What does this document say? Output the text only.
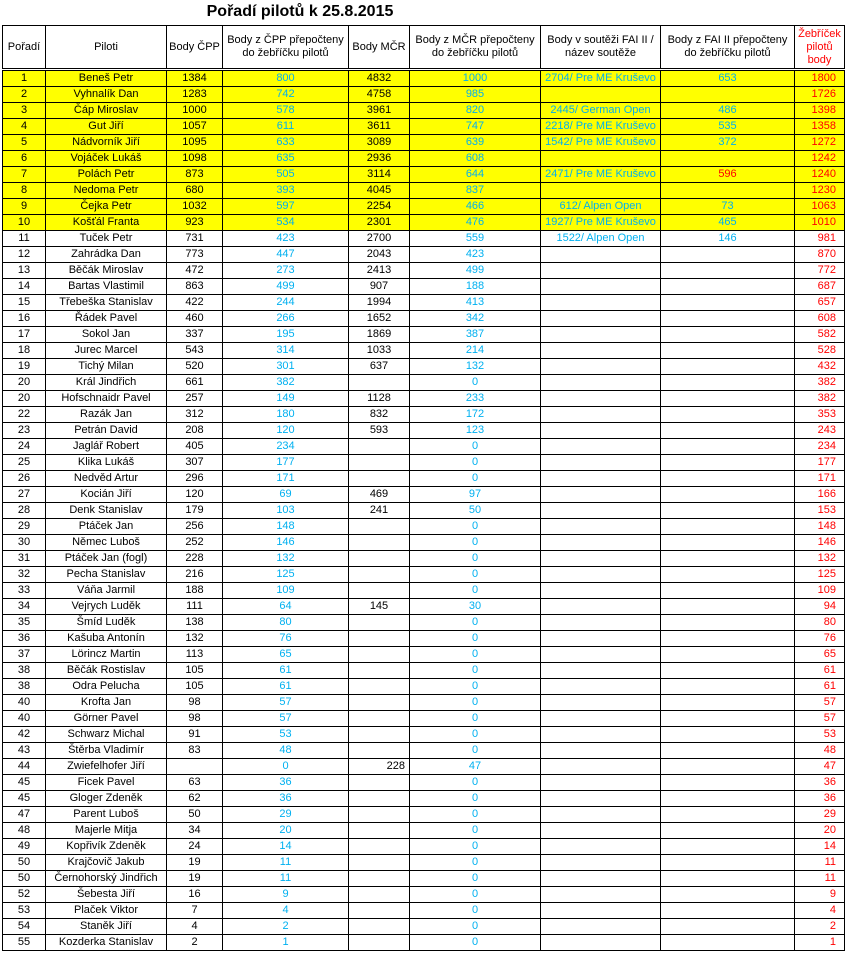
Pořadí pilotů k 25.8.2015
Pořadí	Piloti	Body ČPP	Body z ČPP přepočteny do žebříčku pilotů	Body MČR	Body z MČR přepočteny do žebříčku pilotů	Body v soutěži FAI II / název soutěže	Body z FAI II přepočteny do žebříčku pilotů	Žebříček pilotů body

1	Beneš Petr	1384	800	4832	1000	2704/ Pre ME Kruševo	653	1800
2	Vyhnalík Dan	1283	742	4758	985			1726
3	Čáp Miroslav	1000	578	3961	820	2445/ German Open	486	1398
4	Gut Jiří	1057	611	3611	747	2218/ Pre ME Kruševo	535	1358
5	Nádvorník Jiří	1095	633	3089	639	1542/ Pre ME Kruševo	372	1272
6	Vojáček Lukáš	1098	635	2936	608			1242
7	Polách Petr	873	505	3114	644	2471/ Pre ME Kruševo	596	1240
8	Nedoma Petr	680	393	4045	837			1230
9	Čejka Petr	1032	597	2254	466	612/ Alpen Open	73	1063
10	Košťál Franta	923	534	2301	476	1927/ Pre ME Kruševo	465	1010
11	Tuček Petr	731	423	2700	559	1522/ Alpen Open	146	981
12	Zahrádka Dan	773	447	2043	423			870
13	Běčák Miroslav	472	273	2413	499			772
14	Bartas Vlastimil	863	499	907	188			687
15	Třebeška Stanislav	422	244	1994	413			657
16	Řádek Pavel	460	266	1652	342			608
17	Sokol Jan	337	195	1869	387			582
18	Jurec Marcel	543	314	1033	214			528
19	Tichý Milan	520	301	637	132			432
20	Král Jindřich	661	382		0			382
20	Hofschnaidr Pavel	257	149	1128	233			382
22	Razák Jan	312	180	832	172			353
23	Petrán David	208	120	593	123			243
24	Jaglář Robert	405	234		0			234
25	Klika Lukáš	307	177		0			177
26	Nedvěd Artur	296	171		0			171
27	Kocián Jiří	120	69	469	97			166
28	Denk Stanislav	179	103	241	50			153
29	Ptáček Jan	256	148		0			148
30	Němec Luboš	252	146		0			146
31	Ptáček Jan (fogl)	228	132		0			132
32	Pecha Stanislav	216	125		0			125
33	Váňa Jarmil	188	109		0			109
34	Vejrych Luděk	111	64	145	30			94
35	Šmíd Luděk	138	80		0			80
36	Kašuba Antonín	132	76		0			76
37	Lörincz Martin	113	65		0			65
38	Běčák Rostislav	105	61		0			61
38	Odra Pelucha	105	61		0			61
40	Krofta Jan	98	57		0			57
40	Görner Pavel	98	57		0			57
42	Schwarz Michal	91	53		0			53
43	Štěrba Vladimír	83	48		0			48
44	Zwiefelhofer Jiří		0	228	47			47
45	Ficek Pavel	63	36		0			36
45	Gloger Zdeněk	62	36		0			36
47	Parent Luboš	50	29		0			29
48	Majerle Mitja	34	20		0			20
49	Kopřivík Zdeněk	24	14		0			14
50	Krajčovič Jakub	19	11		0			11
50	Černohorský Jindřich	19	11		0			11
52	Šebesta Jiří	16	9		0			9
53	Plaček Viktor	7	4		0			4
54	Staněk Jiří	4	2		0			2
55	Kozderka Stanislav	2	1		0			1
